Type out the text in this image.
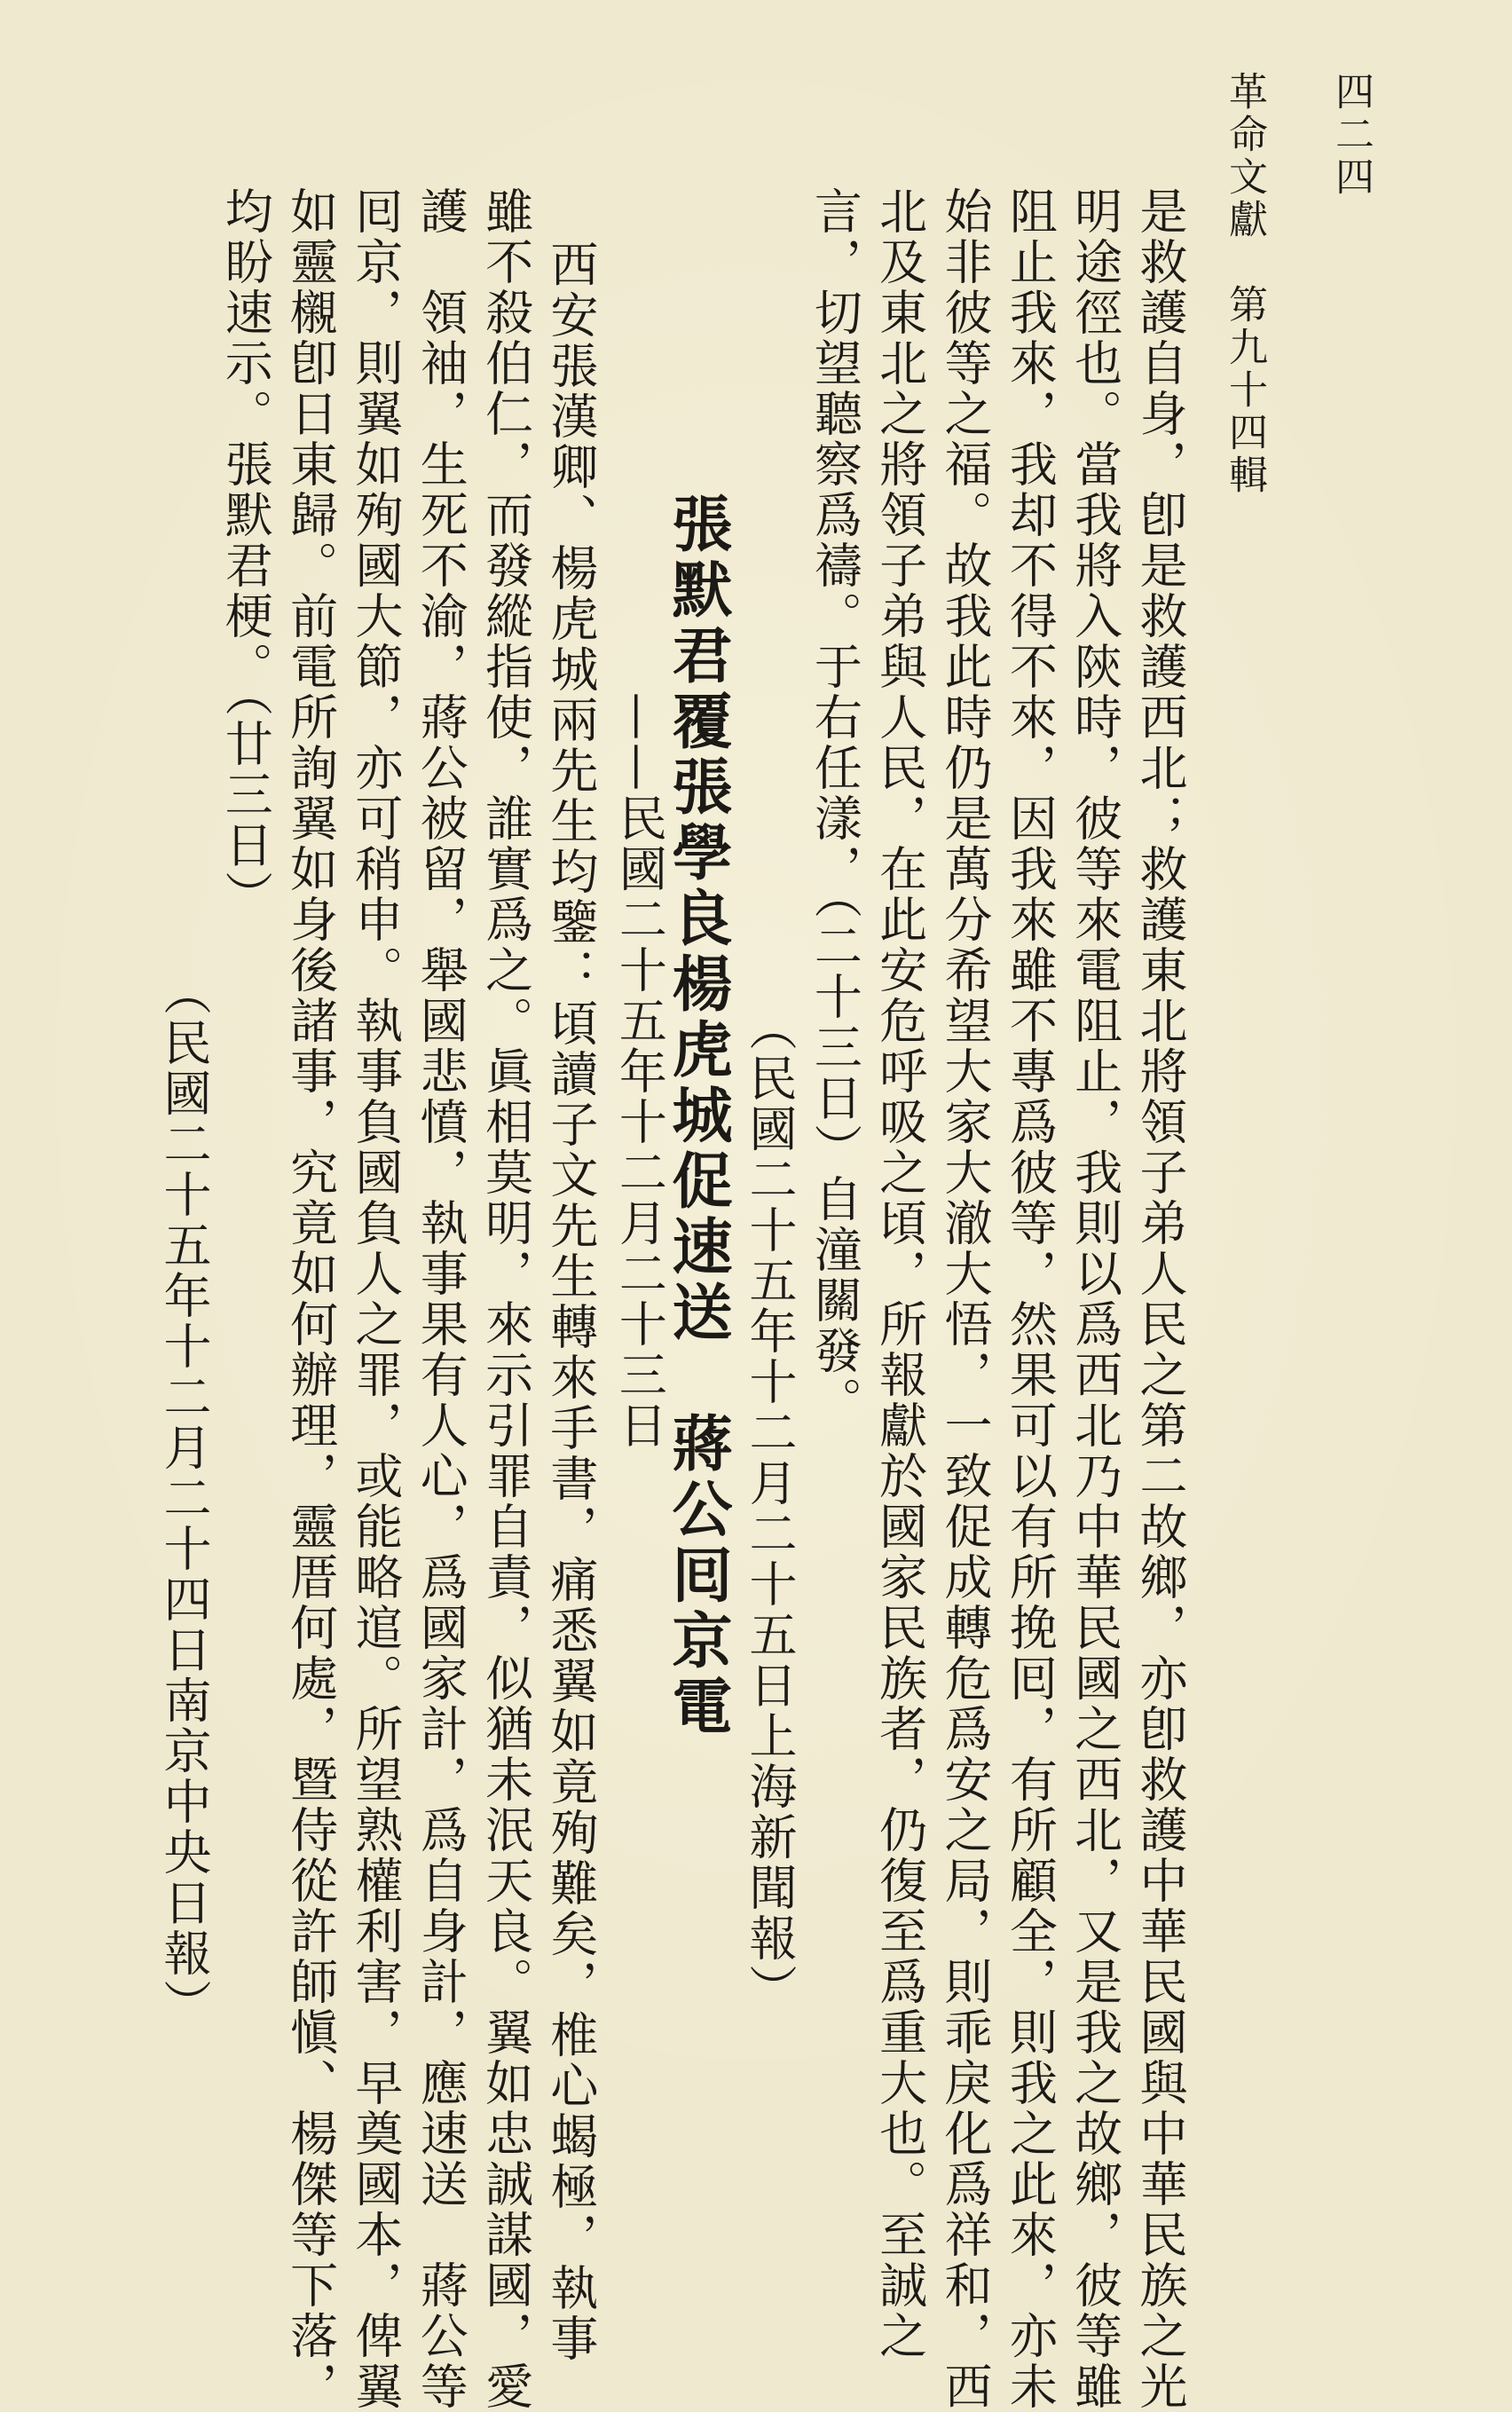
四二四
革命文獻　第九十四輯
是救護自身，卽是救護西北；救護東北將領子弟人民之第二故鄉，亦卽救護中華民國與中華民族之光
明途徑也。當我將入陝時，彼等來電阻止，我則以爲西北乃中華民國之西北，又是我之故鄉，彼等雖
阻止我來，我却不得不來，因我來雖不專爲彼等，然果可以有所挽囘，有所顧全，則我之此來，亦未
始非彼等之福。故我此時仍是萬分希望大家大澈大悟，一致促成轉危爲安之局，則乖戾化爲祥和，西
北及東北之將領子弟與人民，在此安危呼吸之頃，所報獻於國家民族者，仍復至爲重大也。至誠之
言，切望聽察爲禱。于右任漾，（二十三日）自潼關發。
（民國二十五年十二月二十五日上海新聞報）
張默君覆張學良楊虎城促速送　蔣公囘京電
——民國二十五年十二月二十三日
西安張漢卿、楊虎城兩先生均鑒：頃讀子文先生轉來手書，痛悉翼如竟殉難矣，椎心蝎極，執事
雖不殺伯仁，而發縱指使，誰實爲之。眞相莫明，來示引罪自責，似猶未泯天良。翼如忠誠謀國，愛
護　領袖，生死不渝，蔣公被留，舉國悲憤，執事果有人心，爲國家計，爲自身計，應速送　蔣公等
囘京，則翼如殉國大節，亦可稍申。執事負國負人之罪，或能略逭。所望熟權利害，早奠國本，俾翼
如靈櫬卽日東歸。前電所詢翼如身後諸事，究竟如何辦理，靈厝何處，暨侍從許師愼、楊傑等下落，
均盼速示。張默君梗。（廿三日）
（民國二十五年十二月二十四日南京中央日報）
